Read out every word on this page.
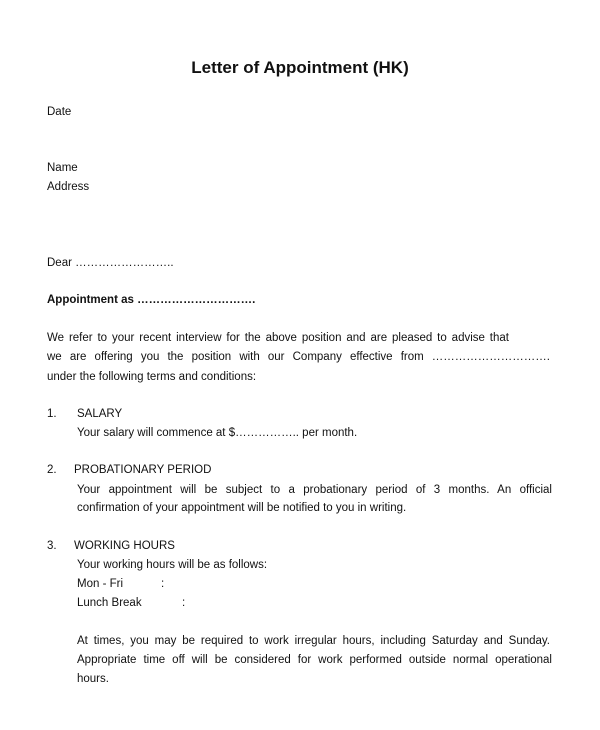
Letter of Appointment (HK)

Date

Name

Address

Dear ……………………..

Appointment as ………………………….

We refer to your recent interview for the above position and are pleased to advise that

we are offering you the position with our Company effective from ………………………….

under the following terms and conditions:

1. SALARY

Your salary will commence at $…………….. per month.

2. PROBATIONARY PERIOD

Your appointment will be subject to a probationary period of 3 months. An official

confirmation of your appointment will be notified to you in writing.

3. WORKING HOURS

Your working hours will be as follows:

Mon - Fri	:

Lunch Break	:

At times, you may be required to work irregular hours, including Saturday and Sunday.

Appropriate time off will be considered for work performed outside normal operational

hours.
